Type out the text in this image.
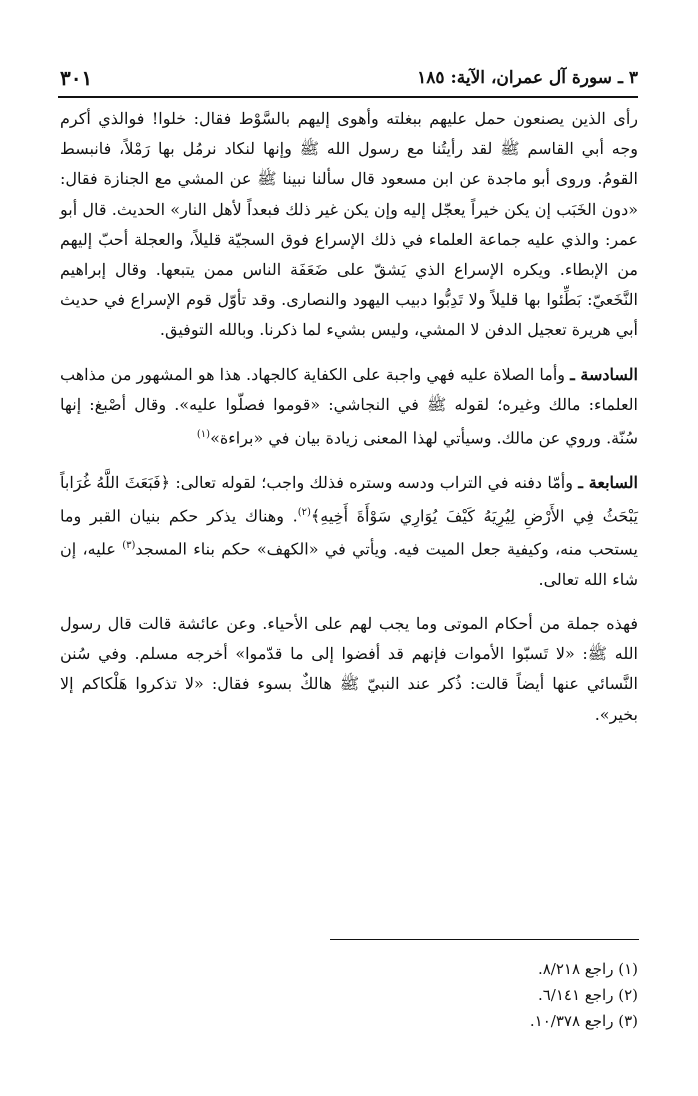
٣ ـ سورة آل عمران، الآية: ١٨٥
٣٠١

رأى الذين يصنعون حمل عليهم ببغلته وأهوى إليهم بالسَّوْط فقال: خلوا! فوالذي أكرم وجه أبي القاسم ﷺ لقد رأيتُنا مع رسول الله ﷺ وإنها لنكاد نرمُل بها رَمْلاً، فانبسط القومُ. وروى أبو ماجدة عن ابن مسعود قال سألنا نبينا ﷺ عن المشي مع الجنازة فقال: «دون الخَبَب إن يكن خيراً يعجّل إليه وإن يكن غير ذلك فبعداً لأهل النار» الحديث. قال أبو عمر: والذي عليه جماعة العلماء في ذلك الإسراع فوق السجيّة قليلاً، والعجلة أحبّ إليهم من الإبطاء. ويكره الإسراع الذي يَشقّ على ضَعَفَة الناس ممن يتبعها. وقال إبراهيم النَّخَعيّ: بَطِّئوا بها قليلاً ولا تَدِبُّوا دبيب اليهود والنصارى. وقد تأوّل قوم الإسراع في حديث أبي هريرة تعجيل الدفن لا المشي، وليس بشيء لما ذكرنا. وبالله التوفيق.

السادسة ـ وأما الصلاة عليه فهي واجبة على الكفاية كالجهاد. هذا هو المشهور من مذاهب العلماء: مالك وغيره؛ لقوله ﷺ في النجاشي: «قوموا فصلّوا عليه». وقال أصْبغ: إنها سُنّة. وروي عن مالك. وسيأتي لهذا المعنى زيادة بيان في «براءة»$^{(١)}$

السابعة ـ وأمّا دفنه في التراب ودسه وستره فذلك واجب؛ لقوله تعالى: ﴿فَبَعَثَ اللَّهُ غُرَاباً يَبْحَثُ فِي الأَرْضِ لِيُرِيَهُ كَيْفَ يُوَارِي سَوْأَةَ أَخِيهِ﴾$^{(٢)}$. وهناك يذكر حكم بنيان القبر وما يستحب منه، وكيفية جعل الميت فيه. ويأتي في «الكهف» حكم بناء المسجد$^{(٣)}$ عليه، إن شاء الله تعالى.

فهذه جملة من أحكام الموتى وما يجب لهم على الأحياء. وعن عائشة قالت قال رسول الله ﷺ: «لا تَسبّوا الأموات فإنهم قد أفضوا إلى ما قدّموا» أخرجه مسلم. وفي سُنن النَّسائي عنها أيضاً قالت: ذُكر عند النبيّ ﷺ هالكٌ بسوء فقال: «لا تذكروا هَلْكاكم إلا بخير».

(١) راجع ٨/٢١٨.
(٢) راجع ٦/١٤١.
(٣) راجع ١٠/٣٧٨.
